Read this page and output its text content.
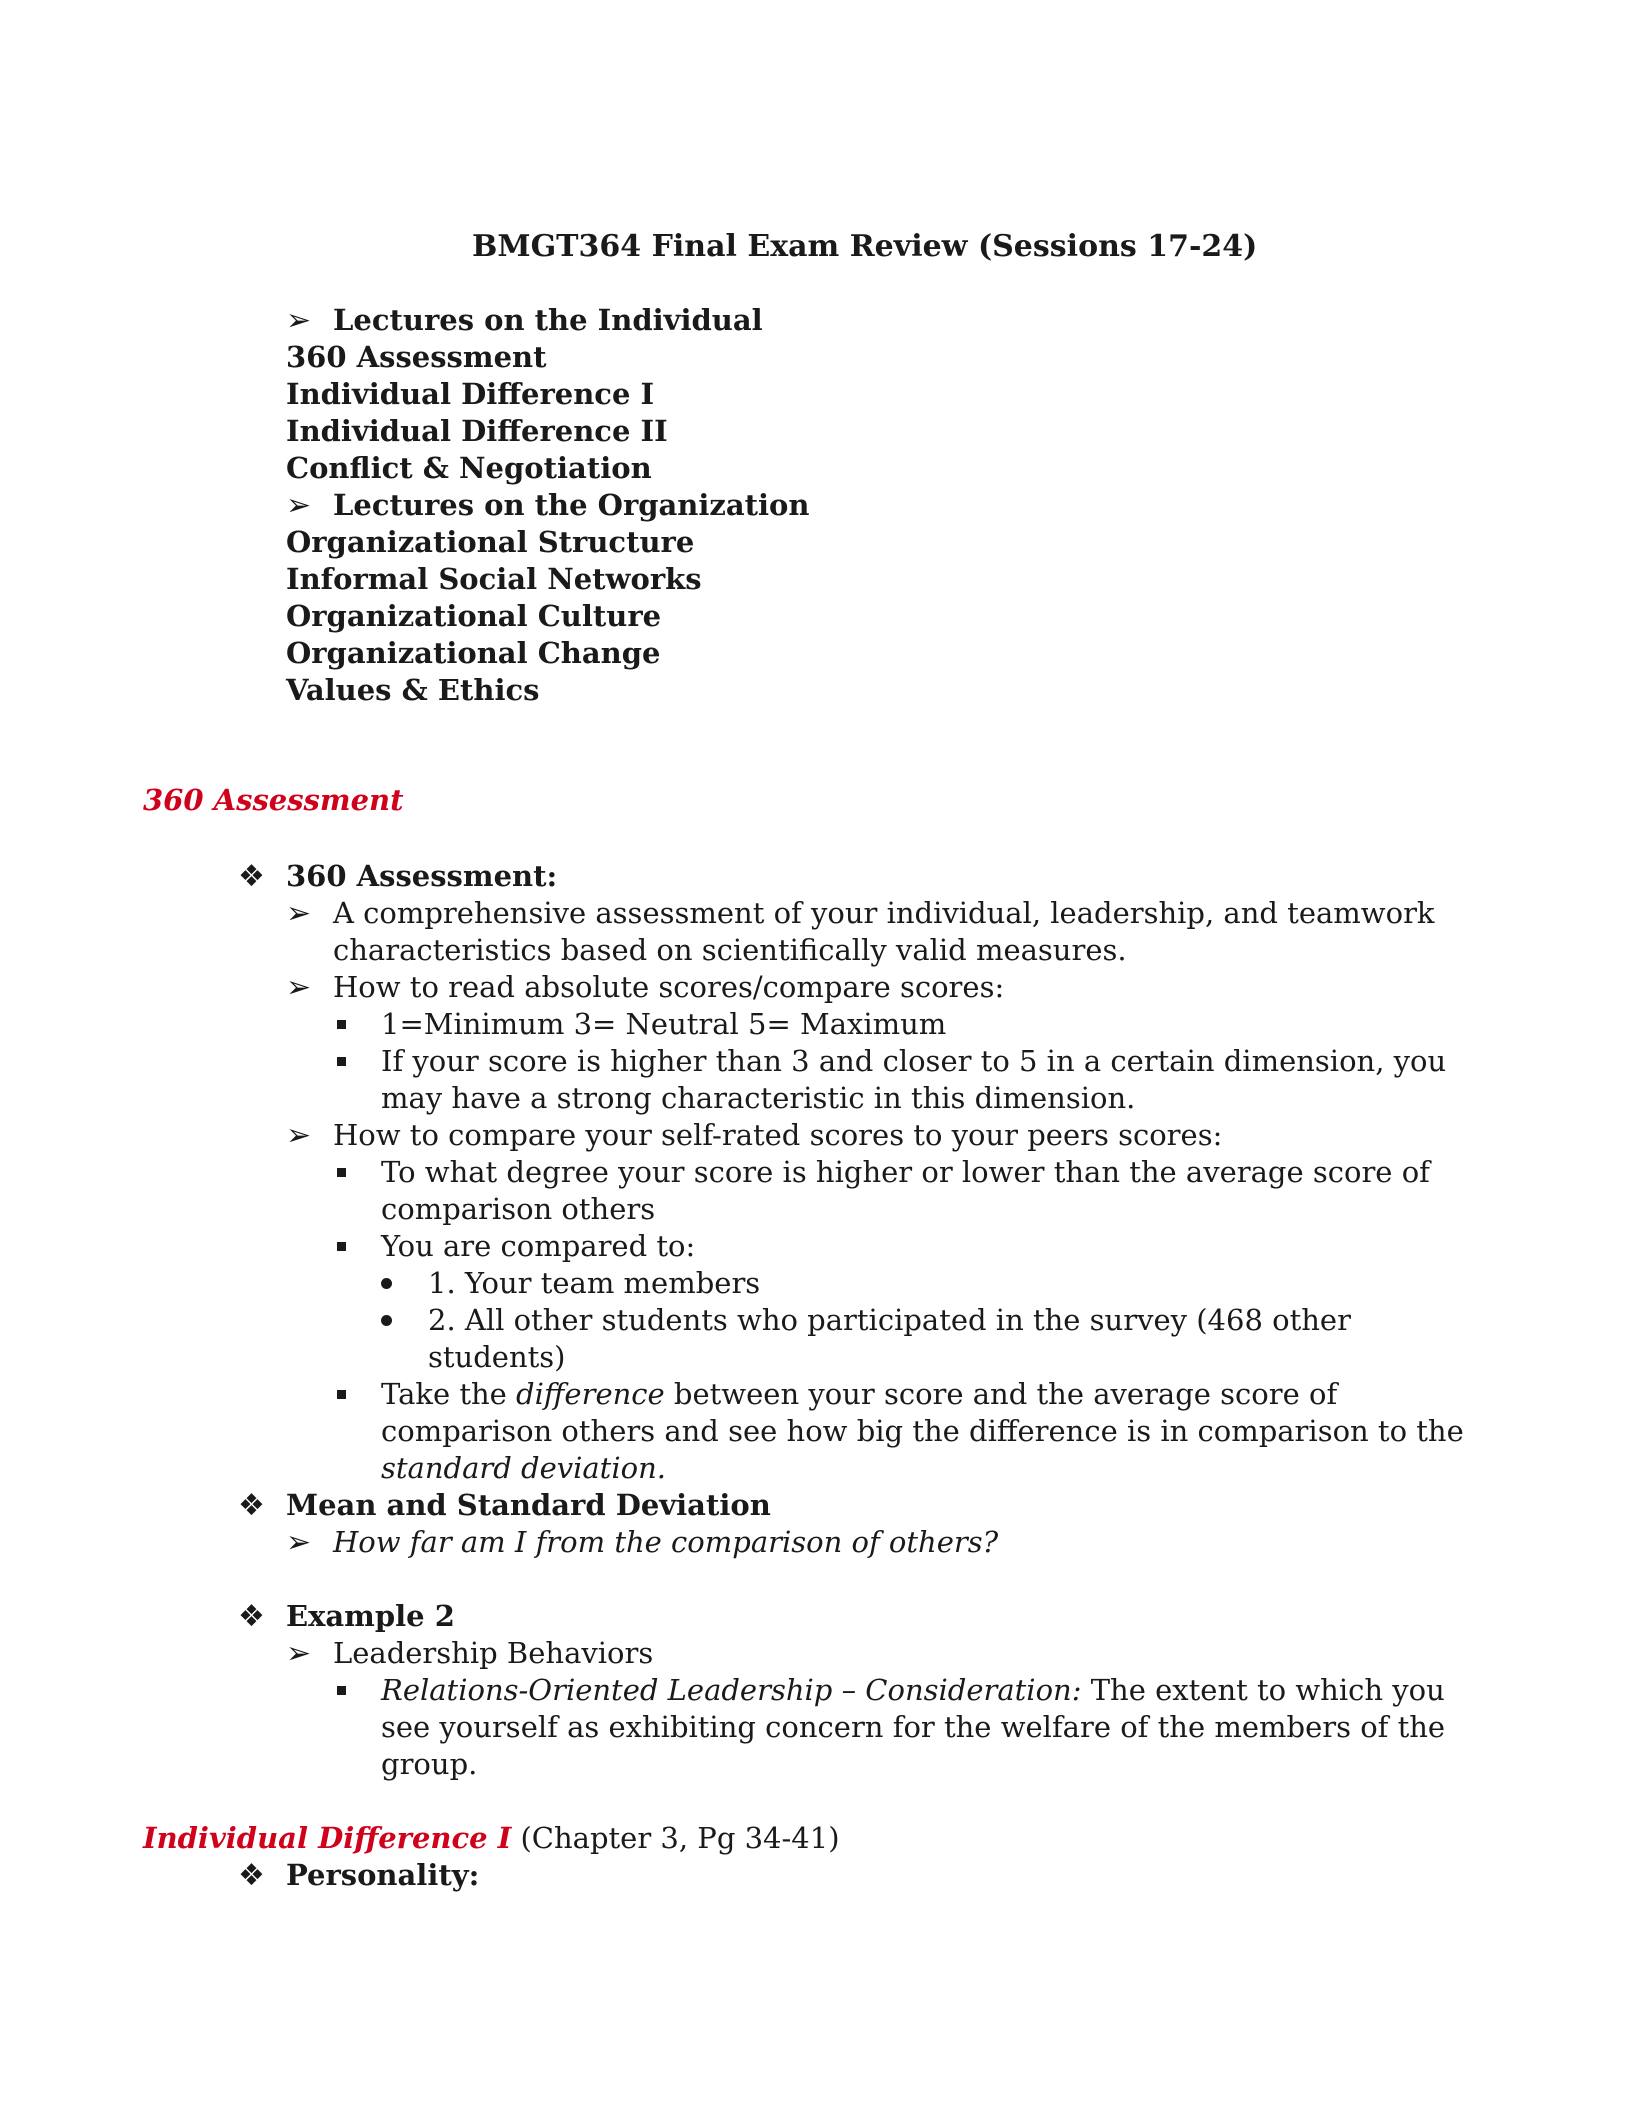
BMGT364 Final Exam Review (Sessions 17-24)
➢ Lectures on the Individual
360 Assessment
Individual Difference I
Individual Difference II
Conflict & Negotiation
➢ Lectures on the Organization
Organizational Structure
Informal Social Networks
Organizational Culture
Organizational Change
Values & Ethics
360 Assessment
❖ 360 Assessment:
➢ A comprehensive assessment of your individual, leadership, and teamwork
characteristics based on scientifically valid measures.
➢ How to read absolute scores/compare scores:
1=Minimum 3= Neutral 5= Maximum
If your score is higher than 3 and closer to 5 in a certain dimension, you
may have a strong characteristic in this dimension.
➢ How to compare your self-rated scores to your peers scores:
To what degree your score is higher or lower than the average score of
comparison others
You are compared to:
1. Your team members
2. All other students who participated in the survey (468 other
students)
Take the difference between your score and the average score of
comparison others and see how big the difference is in comparison to the
standard deviation.
❖ Mean and Standard Deviation
➢ How far am I from the comparison of others?
❖ Example 2
➢ Leadership Behaviors
Relations-Oriented Leadership – Consideration: The extent to which you
see yourself as exhibiting concern for the welfare of the members of the
group.
Individual Difference I (Chapter 3, Pg 34-41)
❖ Personality:
